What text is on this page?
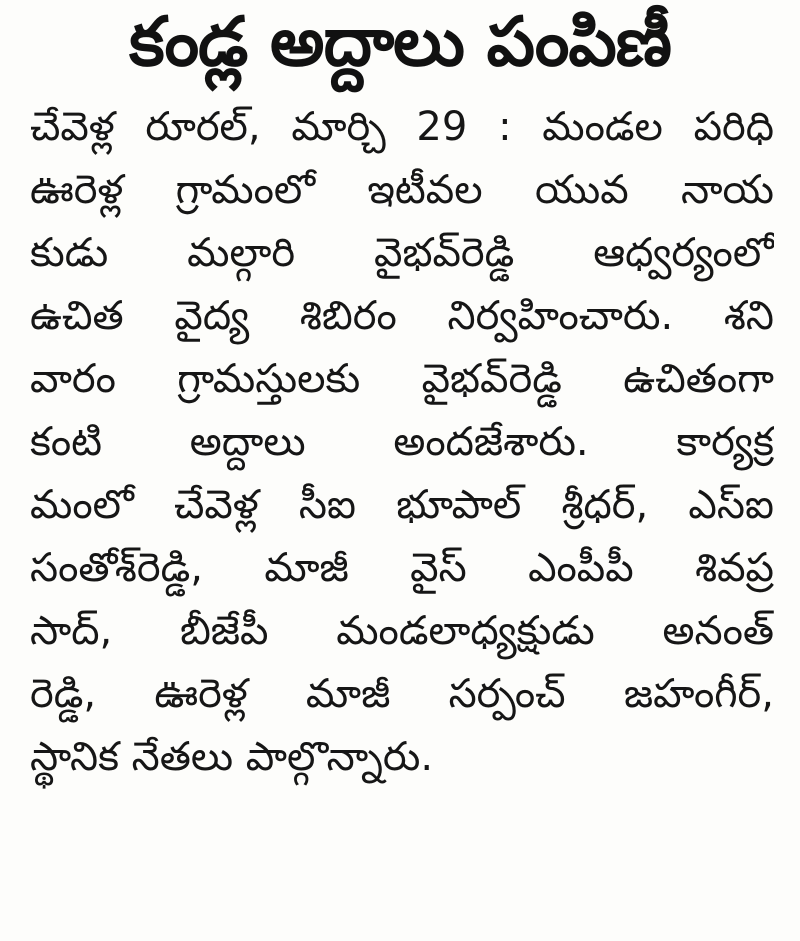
కండ్ల అద్దాలు పంపిణీ
చేవెళ్ల రూరల్, మార్చి 29 : మండల పరిధి
ఊరెళ్ల గ్రామంలో ఇటీవల యువ నాయ
కుడు మల్గారి వైభవ్‌రెడ్డి ఆధ్వర్యంలో
ఉచిత వైద్య శిబిరం నిర్వహించారు. శని
వారం గ్రామస్తులకు వైభవ్‌రెడ్డి ఉచితంగా
కంటి అద్దాలు అందజేశారు. కార్యక్ర
మంలో చేవెళ్ల సీఐ భూపాల్ శ్రీధర్, ఎస్ఐ
సంతోశ్‌రెడ్డి, మాజీ వైస్ ఎంపీపీ శివప్ర
సాద్, బీజేపీ మండలాధ్యక్షుడు అనంత్
రెడ్డి, ఊరెళ్ల మాజీ సర్పంచ్ జహంగీర్,
స్థానిక నేతలు పాల్గొన్నారు.
